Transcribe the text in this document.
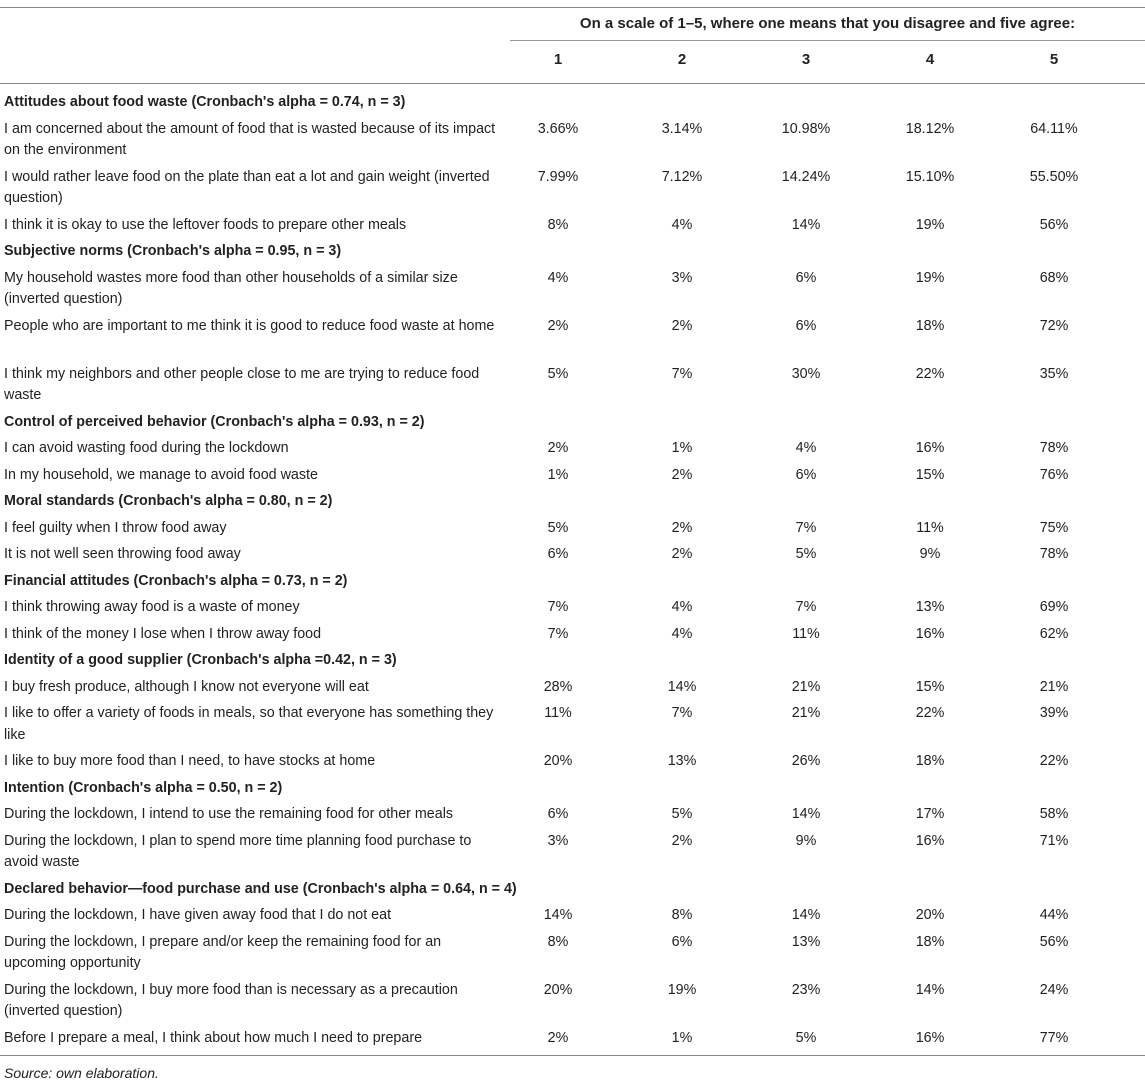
On a scale of 1–5, where one means that you disagree and five agree:
1	2	3	4	5
Attitudes about food waste (Cronbach's alpha = 0.74, n = 3)
I am concerned about the amount of food that is wasted because of its impact on the environment
3.66%	3.14%	10.98%	18.12%	64.11%
I would rather leave food on the plate than eat a lot and gain weight (inverted question)
7.99%	7.12%	14.24%	15.10%	55.50%
I think it is okay to use the leftover foods to prepare other meals	8%	4%	14%	19%	56%
Subjective norms (Cronbach's alpha = 0.95, n = 3)
My household wastes more food than other households of a similar size (inverted question)
4%	3%	6%	19%	68%
People who are important to me think it is good to reduce food waste at home	2%	2%	6%	18%	72%
I think my neighbors and other people close to me are trying to reduce food waste
5%	7%	30%	22%	35%
Control of perceived behavior (Cronbach's alpha = 0.93, n = 2)
I can avoid wasting food during the lockdown	2%	1%	4%	16%	78%
In my household, we manage to avoid food waste	1%	2%	6%	15%	76%
Moral standards (Cronbach's alpha = 0.80, n = 2)
I feel guilty when I throw food away	5%	2%	7%	11%	75%
It is not well seen throwing food away	6%	2%	5%	9%	78%
Financial attitudes (Cronbach's alpha = 0.73, n = 2)
I think throwing away food is a waste of money	7%	4%	7%	13%	69%
I think of the money I lose when I throw away food	7%	4%	11%	16%	62%
Identity of a good supplier (Cronbach's alpha =0.42, n = 3)
I buy fresh produce, although I know not everyone will eat	28%	14%	21%	15%	21%
I like to offer a variety of foods in meals, so that everyone has something they like
11%	7%	21%	22%	39%
I like to buy more food than I need, to have stocks at home	20%	13%	26%	18%	22%
Intention (Cronbach's alpha = 0.50, n = 2)
During the lockdown, I intend to use the remaining food for other meals	6%	5%	14%	17%	58%
During the lockdown, I plan to spend more time planning food purchase to avoid waste
3%	2%	9%	16%	71%
Declared behavior—food purchase and use (Cronbach's alpha = 0.64, n = 4)
During the lockdown, I have given away food that I do not eat	14%	8%	14%	20%	44%
During the lockdown, I prepare and/or keep the remaining food for an upcoming opportunity
8%	6%	13%	18%	56%
During the lockdown, I buy more food than is necessary as a precaution (inverted question)
20%	19%	23%	14%	24%
Before I prepare a meal, I think about how much I need to prepare	2%	1%	5%	16%	77%
Source: own elaboration.
